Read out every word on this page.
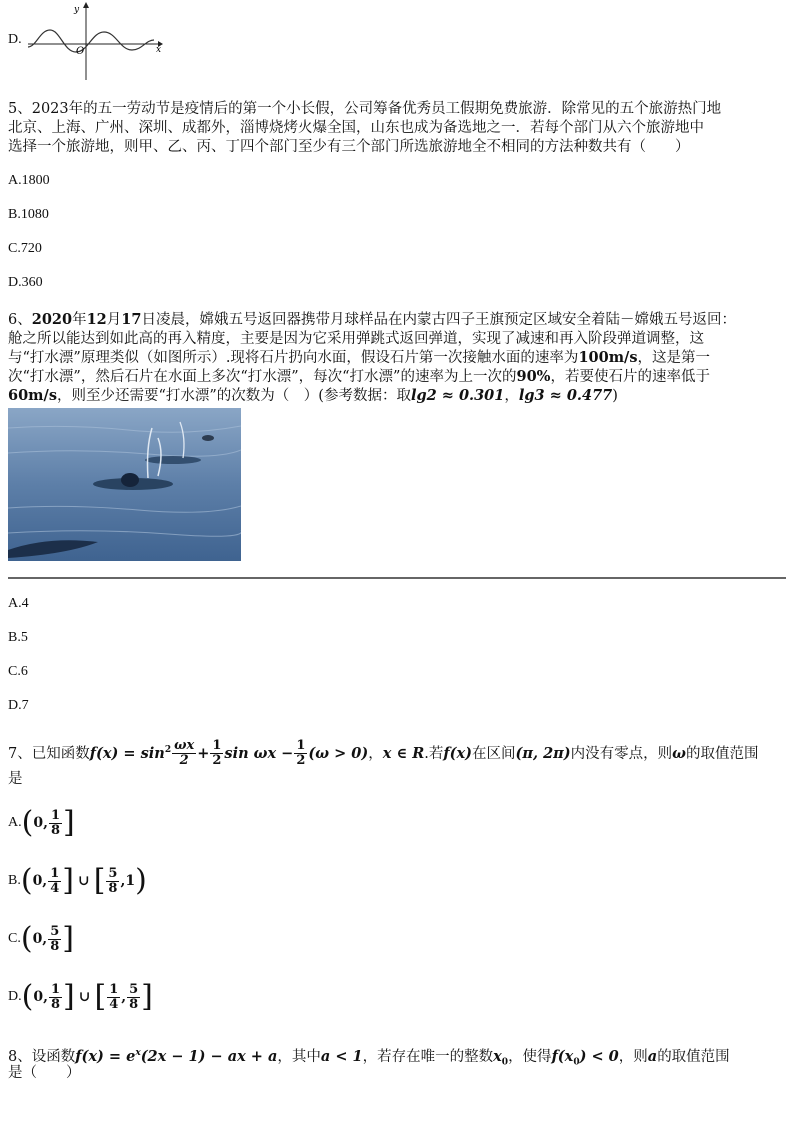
D.
y
x
O
5、2023年的五一劳动节是疫情后的第一个小长假，公司筹备优秀员工假期免费旅游．除常见的五个旅游热门地
北京、上海、广州、深圳、成都外，淄博烧烤火爆全国，山东也成为备选地之一．若每个部门从六个旅游地中
选择一个旅游地，则甲、乙、丙、丁四个部门至少有三个部门所选旅游地全不相同的方法种数共有（　　）
A.1800
B.1080
C.720
D.360
6、2020年12月17日凌晨，嫦娥五号返回器携带月球样品在内蒙古四子王旗预定区域安全着陆－嫦娥五号返回：
舱之所以能达到如此高的再入精度，主要是因为它采用弹跳式返回弹道，实现了减速和再入阶段弹道调整，这
与“打水漂”原理类似（如图所示）.现将石片扔向水面，假设石片第一次接触水面的速率为100m/s，这是第一
次“打水漂”，然后石片在水面上多次“打水漂”，每次“打水漂”的速率为上一次的90%，若要使石片的速率低于
60m/s，则至少还需要“打水漂”的次数为（　）(参考数据：取lg2 ≈ 0.301，lg3 ≈ 0.477)
A.4
B.5
C.6
D.7
7、已知函数$f(x) = \sin^2 \frac{\omega x}{2} + \frac{1}{2}$ $\sin \omega x - \frac{1}{2} (\omega > 0)$，x ∈ R.若f(x)在区间(π, 2π)内没有零点，则ω的取值范围
是
A.(0, $\frac{1}{8}$ ]
B.(0, $\frac{1}{4}$ ] ∪ [ $\frac{5}{8} ,1$)
C.(0, $\frac{5}{8}$ ]
D.(0, $\frac{1}{8}$ ] ∪ [ $\frac{1}{4}$ , $\frac{5}{8}$ ]
8、设函数$f(x) = e^x(2x - 1)$ − ax + a，其中a < 1，若存在唯一的整数$x_0$，使得$f(x_0) < 0$，则a的取值范围
是（　　）
